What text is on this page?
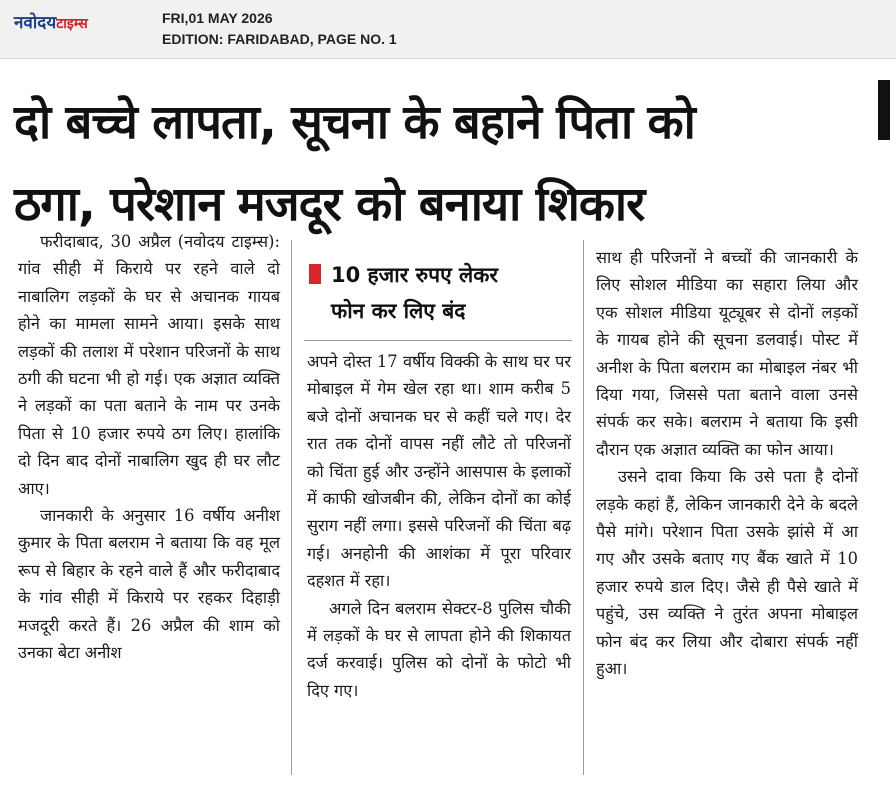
नवोदयटाइम्स	FRI,01 MAY 2026
EDITION: FARIDABAD, PAGE NO. 1
दो बच्चे लापता, सूचना के बहाने पिता को
ठगा, परेशान मजदूर को बनाया शिकार

फरीदाबाद, 30 अप्रैल (नवोदय टाइम्स): गांव सीही में किराये पर रहने वाले दो नाबालिग लड़कों के घर से अचानक गायब होने का मामला सामने आया। इसके साथ लड़कों की तलाश में परेशान परिजनों के साथ ठगी की घटना भी हो गई। एक अज्ञात व्यक्ति ने लड़कों का पता बताने के नाम पर उनके पिता से 10 हजार रुपये ठग लिए। हालांकि दो दिन बाद दोनों नाबालिग खुद ही घर लौट आए।

जानकारी के अनुसार 16 वर्षीय अनीश कुमार के पिता बलराम ने बताया कि वह मूल रूप से बिहार के रहने वाले हैं और फरीदाबाद के गांव सीही में किराये पर रहकर दिहाड़ी मजदूरी करते हैं। 26 अप्रैल की शाम को उनका बेटा अनीश

10 हजार रुपए लेकर
फोन कर लिए बंद

अपने दोस्त 17 वर्षीय विक्की के साथ घर पर मोबाइल में गेम खेल रहा था। शाम करीब 5 बजे दोनों अचानक घर से कहीं चले गए। देर रात तक दोनों वापस नहीं लौटे तो परिजनों को चिंता हुई और उन्होंने आसपास के इलाकों में काफी खोजबीन की, लेकिन दोनों का कोई सुराग नहीं लगा। इससे परिजनों की चिंता बढ़ गई। अनहोनी की आशंका में पूरा परिवार दहशत में रहा।

अगले दिन बलराम सेक्टर-8 पुलिस चौकी में लड़कों के घर से लापता होने की शिकायत दर्ज करवाई। पुलिस को दोनों के फोटो भी दिए गए।

साथ ही परिजनों ने बच्चों की जानकारी के लिए सोशल मीडिया का सहारा लिया और एक सोशल मीडिया यूट्यूबर से दोनों लड़कों के गायब होने की सूचना डलवाई। पोस्ट में अनीश के पिता बलराम का मोबाइल नंबर भी दिया गया, जिससे पता बताने वाला उनसे संपर्क कर सके। बलराम ने बताया कि इसी दौरान एक अज्ञात व्यक्ति का फोन आया।

उसने दावा किया कि उसे पता है दोनों लड़के कहां हैं, लेकिन जानकारी देने के बदले पैसे मांगे। परेशान पिता उसके झांसे में आ गए और उसके बताए गए बैंक खाते में 10 हजार रुपये डाल दिए। जैसे ही पैसे खाते में पहुंचे, उस व्यक्ति ने तुरंत अपना मोबाइल फोन बंद कर लिया और दोबारा संपर्क नहीं हुआ।
